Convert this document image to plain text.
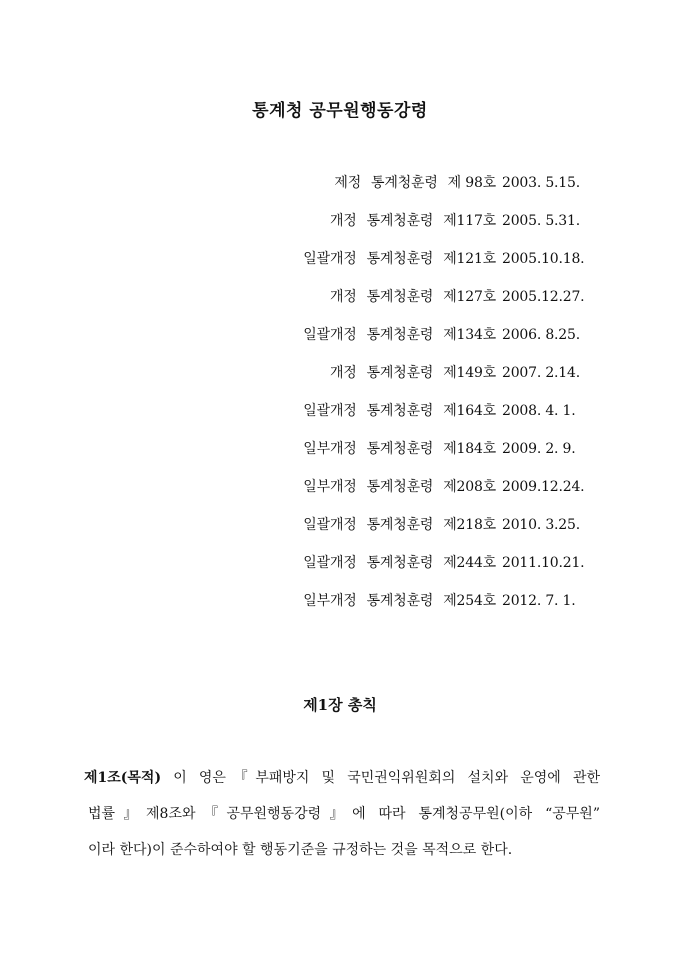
통계청 공무원행동강령
제정 통계청훈령 제 98호 2003. 5.15.
개정 통계청훈령 제117호 2005. 5.31.
일괄개정 통계청훈령 제121호 2005.10.18.
개정 통계청훈령 제127호 2005.12.27.
일괄개정 통계청훈령 제134호 2006. 8.25.
개정 통계청훈령 제149호 2007. 2.14.
일괄개정 통계청훈령 제164호 2008. 4. 1.
일부개정 통계청훈령 제184호 2009. 2. 9.
일부개정 통계청훈령 제208호 2009.12.24.
일괄개정 통계청훈령 제218호 2010. 3.25.
일괄개정 통계청훈령 제244호 2011.10.21.
일부개정 통계청훈령 제254호 2012. 7. 1.
제1장 총칙
제1조(목적) 이 영은『부패방지 및 국민권익위원회의 설치와 운영에 관한
법률』제8조와『공무원행동강령』에 따라 통계청공무원(이하 “공무원”
이라 한다)이 준수하여야 할 행동기준을 규정하는 것을 목적으로 한다.
